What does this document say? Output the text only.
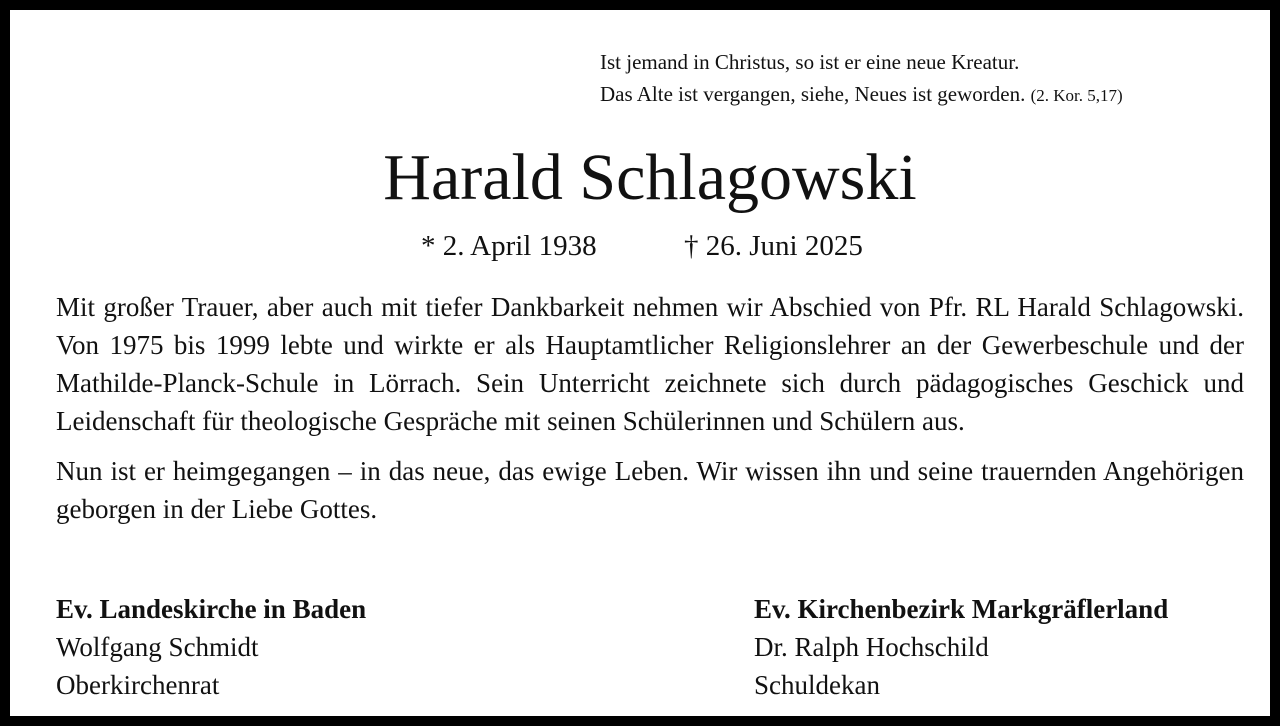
Ist jemand in Christus, so ist er eine neue Kreatur.
Das Alte ist vergangen, siehe, Neues ist geworden. (2. Kor. 5,17)
Harald Schlagowski
* 2. April 1938	† 26. Juni 2025

Mit großer Trauer, aber auch mit tiefer Dankbarkeit nehmen wir Abschied von Pfr. RL Harald Schlagowski. Von 1975 bis 1999 lebte und wirkte er als Hauptamtlicher Religionslehrer an der Gewerbeschule und der Mathilde-Planck-Schule in Lörrach. Sein Unterricht zeichnete sich durch pädagogisches Geschick und Leidenschaft für theologische Gespräche mit seinen Schülerinnen und Schülern aus.

Nun ist er heimgegangen – in das neue, das ewige Leben. Wir wissen ihn und seine trauernden Angehörigen geborgen in der Liebe Gottes.

Ev. Landeskirche in Baden
Wolfgang Schmidt
Oberkirchenrat
Ev. Kirchenbezirk Markgräflerland
Dr. Ralph Hochschild
Schuldekan
